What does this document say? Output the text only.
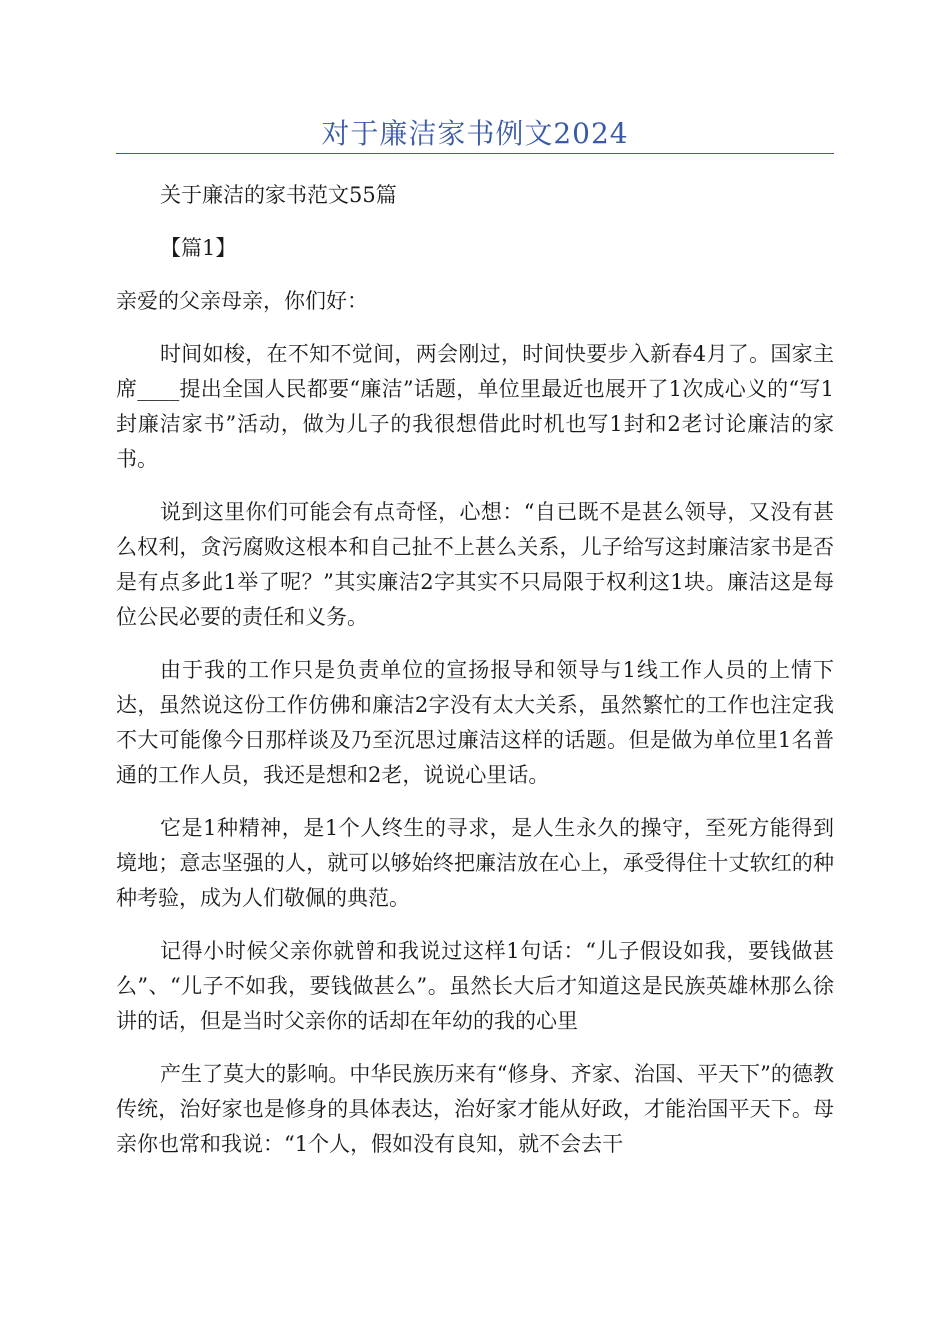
对于廉洁家书例文2024

关于廉洁的家书范文55篇

【篇1】

亲爱的父亲母亲，你们好：

时间如梭，在不知不觉间，两会刚过，时间快要步入新春4月了。国家主席____提出全国人民都要“廉洁”话题，单位里最近也展开了1次成心义的“写1封廉洁家书”活动，做为儿子的我很想借此时机也写1封和2老讨论廉洁的家书。

说到这里你们可能会有点奇怪，心想：“自已既不是甚么领导，又没有甚么权利，贪污腐败这根本和自己扯不上甚么关系，儿子给写这封廉洁家书是否是有点多此1举了呢？”其实廉洁2字其实不只局限于权利这1块。廉洁这是每位公民必要的责任和义务。

由于我的工作只是负责单位的宣扬报导和领导与1线工作人员的上情下达，虽然说这份工作仿佛和廉洁2字没有太大关系，虽然繁忙的工作也注定我不大可能像今日那样谈及乃至沉思过廉洁这样的话题。但是做为单位里1名普通的工作人员，我还是想和2老，说说心里话。

它是1种精神，是1个人终生的寻求，是人生永久的操守，至死方能得到境地；意志坚强的人，就可以够始终把廉洁放在心上，承受得住十丈软红的种种考验，成为人们敬佩的典范。

记得小时候父亲你就曾和我说过这样1句话：“儿子假设如我，要钱做甚么”、“儿子不如我，要钱做甚么”。虽然长大后才知道这是民族英雄林那么徐讲的话，但是当时父亲你的话却在年幼的我的心里

产生了莫大的影响。中华民族历来有“修身、齐家、治国、平天下”的德教传统，治好家也是修身的具体表达，治好家才能从好政，才能治国平天下。母亲你也常和我说：“1个人，假如没有良知，就不会去干
